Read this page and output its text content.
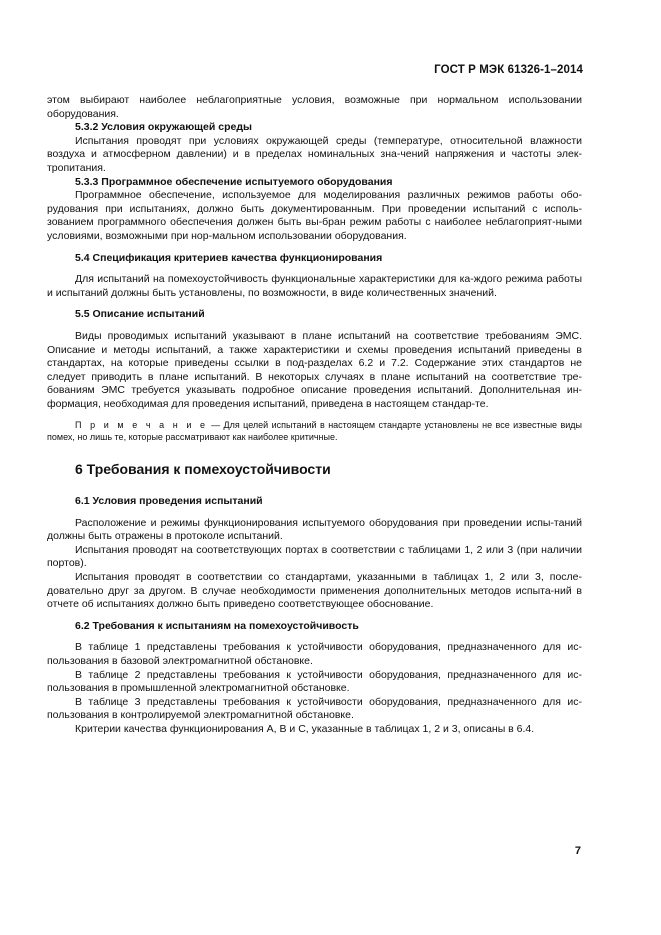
ГОСТ Р МЭК 61326-1–2014

этом выбирают наиболее неблагоприятные условия, возможные при нормальном использовании оборудования.

5.3.2 Условия окружающей среды

Испытания проводят при условиях окружающей среды (температуре, относительной влажности воздуха и атмосферном давлении) и в пределах номинальных зна-чений напряжения и частоты элек-тропитания.

5.3.3 Программное обеспечение испытуемого оборудования

Программное обеспечение, используемое для моделирования различных режимов работы обо-рудования при испытаниях, должно быть документированным. При проведении испытаний с исполь-зованием программного обеспечения должен быть вы-бран режим работы с наиболее неблагоприят-ными условиями, возможными при нор-мальном использовании оборудования.

5.4 Спецификация критериев качества функционирования

Для испытаний на помехоустойчивость функциональные характеристики для ка-ждого режима работы и испытаний должны быть установлены, по возможности, в виде количественных значений.

5.5 Описание испытаний

Виды проводимых испытаний указывают в плане испытаний на соответствие требованиям ЭМС. Описание и методы испытаний, а также характеристики и схемы проведения испытаний приведены в стандартах, на которые приведены ссылки в под-разделах 6.2 и 7.2. Содержание этих стандартов не следует приводить в плане испытаний. В некоторых случаях в плане испытаний на соответствие тре-бованиям ЭМС требуется указывать подробное описание проведения испытаний. Дополнительная ин-формация, необходимая для проведения испытаний, приведена в настоящем стандар-те.

П р и м е ч а н и е — Для целей испытаний в настоящем стандарте установлены не все известные виды помех, но лишь те, которые рассматривают как наиболее критичные.

6 Требования к помехоустойчивости
6.1 Условия проведения испытаний

Расположение и режимы функционирования испытуемого оборудования при проведении испы-таний должны быть отражены в протоколе испытаний.

Испытания проводят на соответствующих портах в соответствии с таблицами 1, 2 или 3 (при наличии портов).

Испытания проводят в соответствии со стандартами, указанными в таблицах 1, 2 или 3, после-довательно друг за другом. В случае необходимости применения дополнительных методов испыта-ний в отчете об испытаниях должно быть приведено соответствующее обоснование.

6.2 Требования к испытаниям на помехоустойчивость

В таблице 1 представлены требования к устойчивости оборудования, предназначенного для ис-пользования в базовой электромагнитной обстановке.

В таблице 2 представлены требования к устойчивости оборудования, предназначенного для ис-пользования в промышленной электромагнитной обстановке.

В таблице 3 представлены требования к устойчивости оборудования, предназначенного для ис-пользования в контролируемой электромагнитной обстановке.

Критерии качества функционирования А, В и С, указанные в таблицах 1, 2 и 3, описаны в 6.4.

7
